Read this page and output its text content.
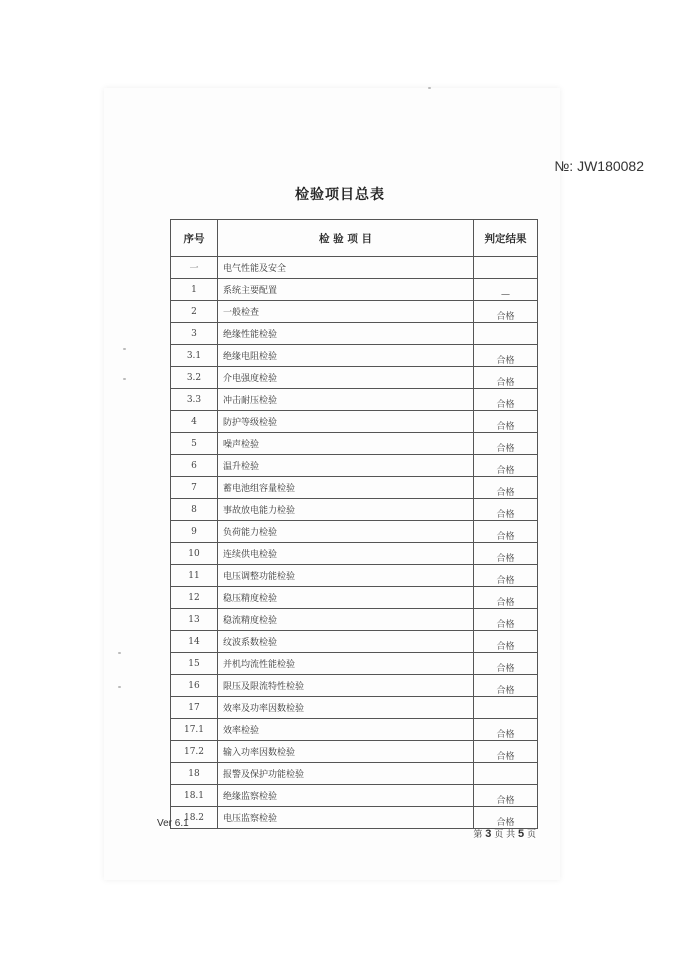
№: JW180082
检验项目总表
序号	检 验 项 目	判定结果
一	电气性能及安全	
1	系统主要配置	—
2	一般检查	合格
3	绝缘性能检验	
3.1	绝缘电阻检验	合格
3.2	介电强度检验	合格
3.3	冲击耐压检验	合格
4	防护等级检验	合格
5	噪声检验	合格
6	温升检验	合格
7	蓄电池组容量检验	合格
8	事故放电能力检验	合格
9	负荷能力检验	合格
10	连续供电检验	合格
11	电压调整功能检验	合格
12	稳压精度检验	合格
13	稳流精度检验	合格
14	纹波系数检验	合格
15	并机均流性能检验	合格
16	限压及限流特性检验	合格
17	效率及功率因数检验	
17.1	效率检验	合格
17.2	输入功率因数检验	合格
18	报警及保护功能检验	
18.1	绝缘监察检验	合格
18.2	电压监察检验	合格
Ver 6.1
第 3 页 共 5 页
